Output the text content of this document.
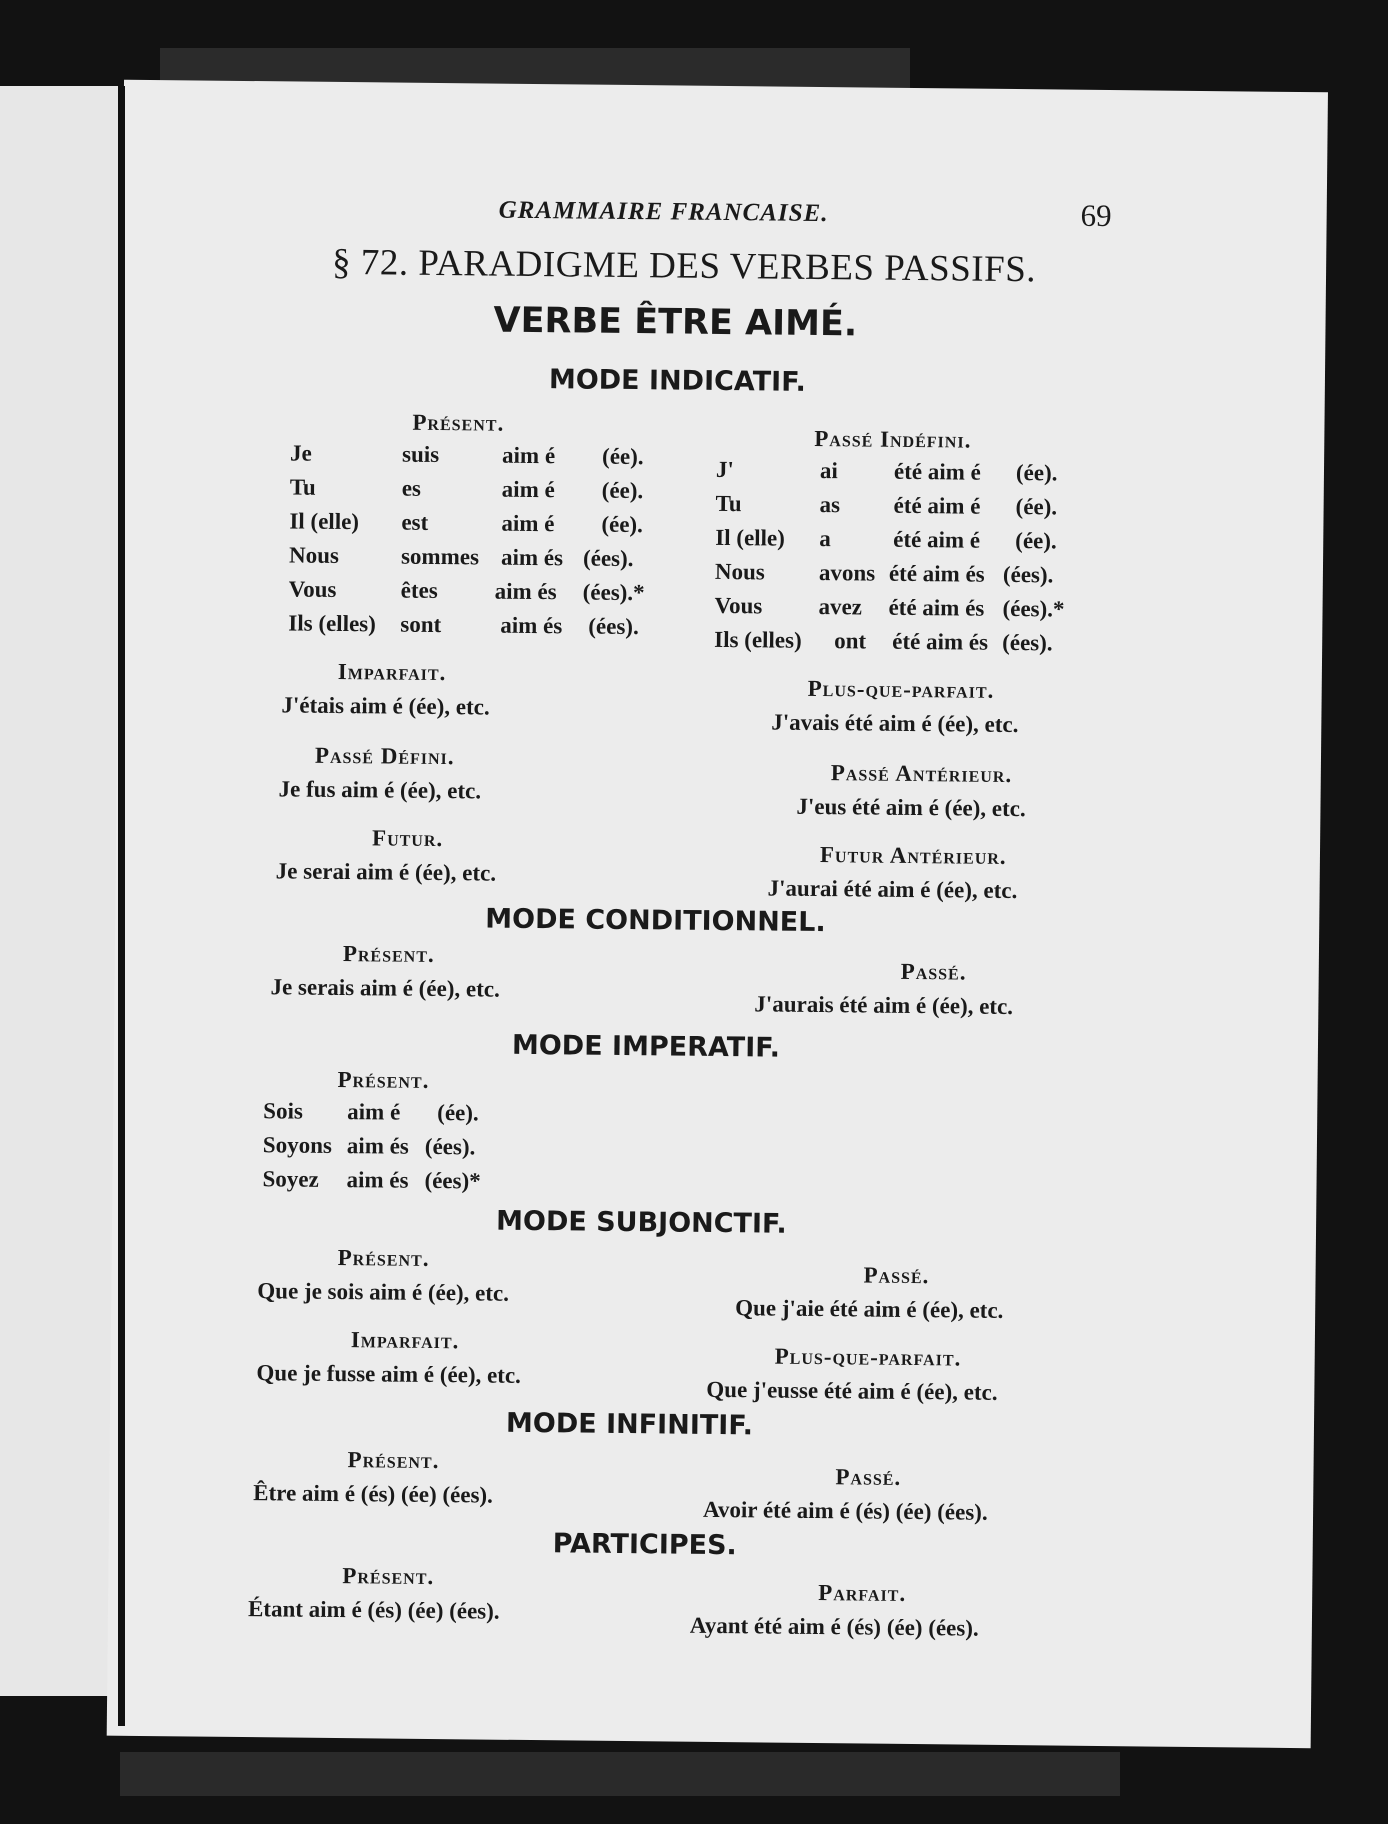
GRAMMAIRE FRANCAISE.	69
§ 72. PARADIGME DES VERBES PASSIFS.
VERBE ÊTRE AIMÉ.
MODE INDICATIF.
Présent.
Je	suis	aim é (ée).
Tu	es	aim é (ée).
Il (elle) est	aim é (ée).
Nous	sommes aim és (ées).
Vous	êtes aim és (ées).*
Ils (elles) sont	aim és (ées).
Passé Indéfini.
J'	ai été aim é (ée).
Tu	as été aim é (ée).
Il (elle) a	été aim é (ée).
Nous avons été aim és (ées).
Vous avez été aim és (ées).*
Ils (elles) ont été aim és (ées).
Imparfait.
J'étais aim é (ée), etc.
Plus-que-parfait.
J'avais été aim é (ée), etc.
Passé Défini.
Je fus aim é (ée), etc.
Passé Antérieur.
J'eus été aim é (ée), etc.
Futur.
Je serai aim é (ée), etc.
Futur Antérieur.
J'aurai été aim é (ée), etc.
MODE CONDITIONNEL.
Présent.
Je serais aim é (ée), etc.
Passé.
J'aurais été aim é (ée), etc.
MODE IMPERATIF.
Présent.
Sois aim é (ée).
Soyons aim és (ées).
Soyez aim és (ées)*
MODE SUBJONCTIF.
Présent.
Que je sois aim é (ée), etc.
Passé.
Que j'aie été aim é (ée), etc.
Imparfait.
Que je fusse aim é (ée), etc.
Plus-que-parfait.
Que j'eusse été aim é (ée), etc.
MODE INFINITIF.
Présent.
Être aim é (és) (ée) (ées).
Passé.
Avoir été aim é (és) (ée) (ées).
PARTICIPES.
Présent.
Étant aim é (és) (ée) (ées).
Parfait.
Ayant été aim é (és) (ée) (ées).
